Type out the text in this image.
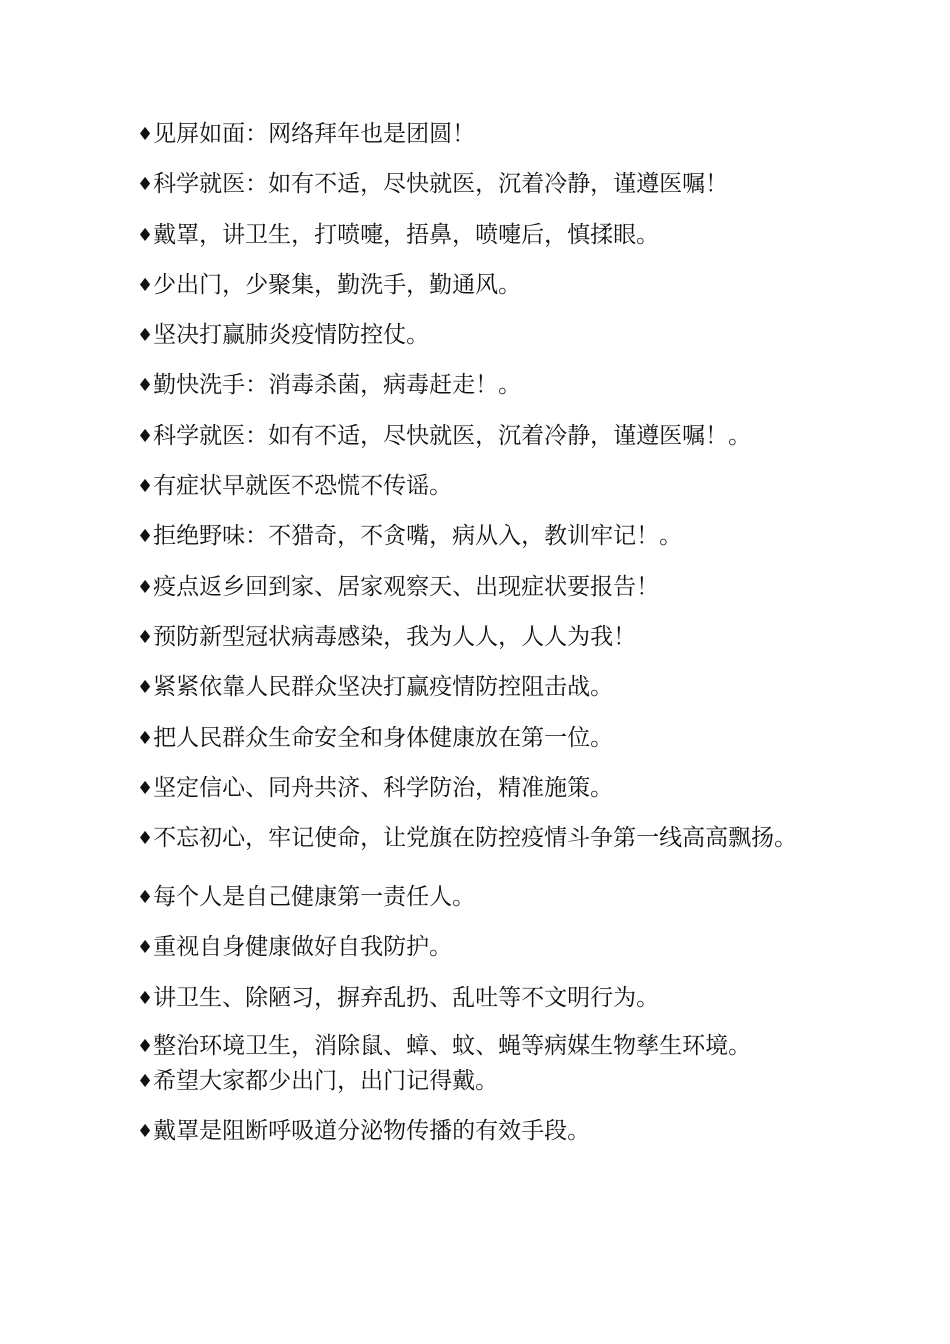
♦见屏如面：网络拜年也是团圆！
♦科学就医：如有不适，尽快就医，沉着冷静，谨遵医嘱！
♦戴罩，讲卫生，打喷嚏，捂鼻，喷嚏后，慎揉眼。
♦少出门，少聚集，勤洗手，勤通风。
♦坚决打赢肺炎疫情防控仗。
♦勤快洗手：消毒杀菌，病毒赶走！。
♦科学就医：如有不适，尽快就医，沉着冷静，谨遵医嘱！。
♦有症状早就医不恐慌不传谣。
♦拒绝野味：不猎奇，不贪嘴，病从入，教训牢记！。
♦疫点返乡回到家、居家观察天、出现症状要报告！
♦预防新型冠状病毒感染，我为人人，人人为我！
♦紧紧依靠人民群众坚决打赢疫情防控阻击战。
♦把人民群众生命安全和身体健康放在第一位。
♦坚定信心、同舟共济、科学防治，精准施策。
♦不忘初心，牢记使命，让党旗在防控疫情斗争第一线高高飘扬。
♦每个人是自己健康第一责任人。
♦重视自身健康做好自我防护。
♦讲卫生、除陋习，摒弃乱扔、乱吐等不文明行为。
♦整治环境卫生，消除鼠、蟑、蚊、蝇等病媒生物孳生环境。
♦希望大家都少出门，出门记得戴。
♦戴罩是阻断呼吸道分泌物传播的有效手段。
